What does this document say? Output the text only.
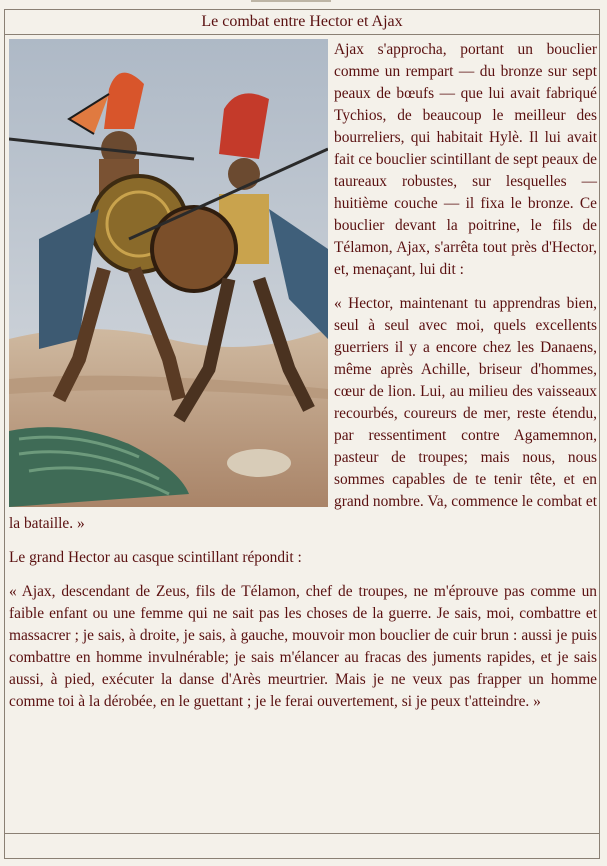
Le combat entre Hector et Ajax

Ajax s'approcha, portant un bouclier comme un rempart — du bronze sur sept peaux de bœufs — que lui avait fabriqué Tychios, de beaucoup le meilleur des bourreliers, qui habitait Hylè. Il lui avait fait ce bouclier scintillant de sept peaux de taureaux robustes, sur lesquelles — huitième couche — il fixa le bronze. Ce bouclier devant la poitrine, le fils de Télamon, Ajax, s'arrêta tout près d'Hector, et, menaçant, lui dit :

« Hector, maintenant tu apprendras bien, seul à seul avec moi, quels excellents guerriers il y a encore chez les Danaens, même après Achille, briseur d'hommes, cœur de lion. Lui, au milieu des vaisseaux recourbés, coureurs de mer, reste étendu, par ressentiment contre Agamemnon, pasteur de troupes; mais nous, nous sommes capables de te tenir tête, et en grand nombre. Va, commence le combat et la bataille. »

Le grand Hector au casque scintillant répondit :

« Ajax, descendant de Zeus, fils de Télamon, chef de troupes, ne m'éprouve pas comme un faible enfant ou une femme qui ne sait pas les choses de la guerre. Je sais, moi, combattre et massacrer ; je sais, à droite, je sais, à gauche, mouvoir mon bouclier de cuir brun : aussi je puis combattre en homme invulnérable; je sais m'élancer au fracas des juments rapides, et je sais aussi, à pied, exécuter la danse d'Arès meurtrier. Mais je ne veux pas frapper un homme comme toi à la dérobée, en le guettant ; je le ferai ouvertement, si je peux t'atteindre. »
